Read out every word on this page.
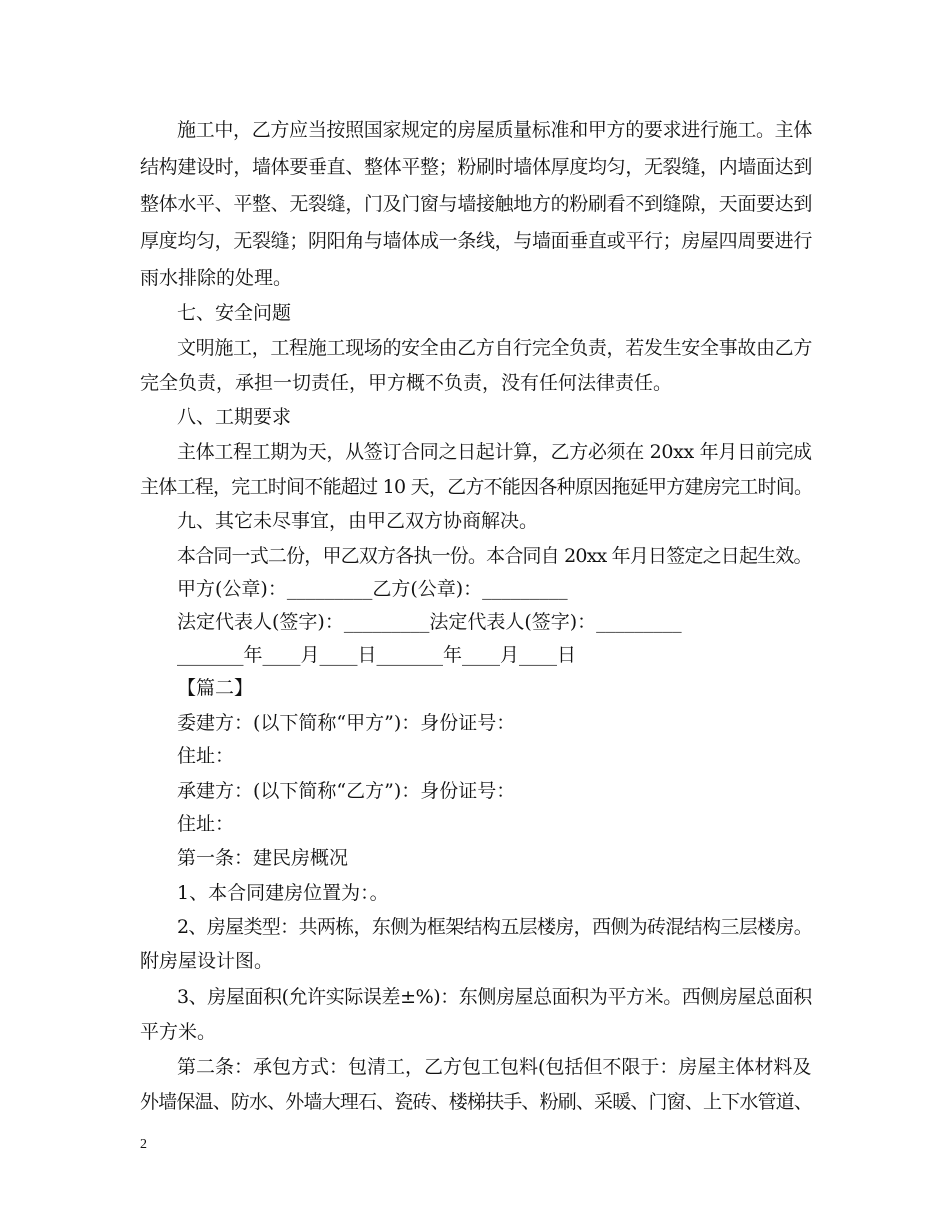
施工中，乙方应当按照国家规定的房屋质量标准和甲方的要求进行施工。主体
结构建设时，墙体要垂直、整体平整；粉刷时墙体厚度均匀，无裂缝，内墙面达到
整体水平、平整、无裂缝，门及门窗与墙接触地方的粉刷看不到缝隙，天面要达到
厚度均匀，无裂缝；阴阳角与墙体成一条线，与墙面垂直或平行；房屋四周要进行
雨水排除的处理。
七、安全问题
文明施工，工程施工现场的安全由乙方自行完全负责，若发生安全事故由乙方
完全负责，承担一切责任，甲方概不负责，没有任何法律责任。
八、工期要求
主体工程工期为天，从签订合同之日起计算，乙方必须在 20xx 年月日前完成
主体工程，完工时间不能超过 10 天，乙方不能因各种原因拖延甲方建房完工时间。
九、其它未尽事宜，由甲乙双方协商解决。
本合同一式二份，甲乙双方各执一份。本合同自 20xx 年月日签定之日起生效。
甲方(公章)：_________乙方(公章)：_________
法定代表人(签字)：_________法定代表人(签字)：_________
_______年____月____日_______年____月____日
【篇二】
委建方：(以下简称“甲方”)：身份证号：
住址：
承建方：(以下简称“乙方”)：身份证号：
住址：
第一条：建民房概况
1、本合同建房位置为：。
2、房屋类型：共两栋，东侧为框架结构五层楼房，西侧为砖混结构三层楼房。
附房屋设计图。
3、房屋面积(允许实际误差±%)：东侧房屋总面积为平方米。西侧房屋总面积
平方米。
第二条：承包方式：包清工，乙方包工包料(包括但不限于：房屋主体材料及
外墙保温、防水、外墙大理石、瓷砖、楼梯扶手、粉刷、采暖、门窗、上下水管道、
2
